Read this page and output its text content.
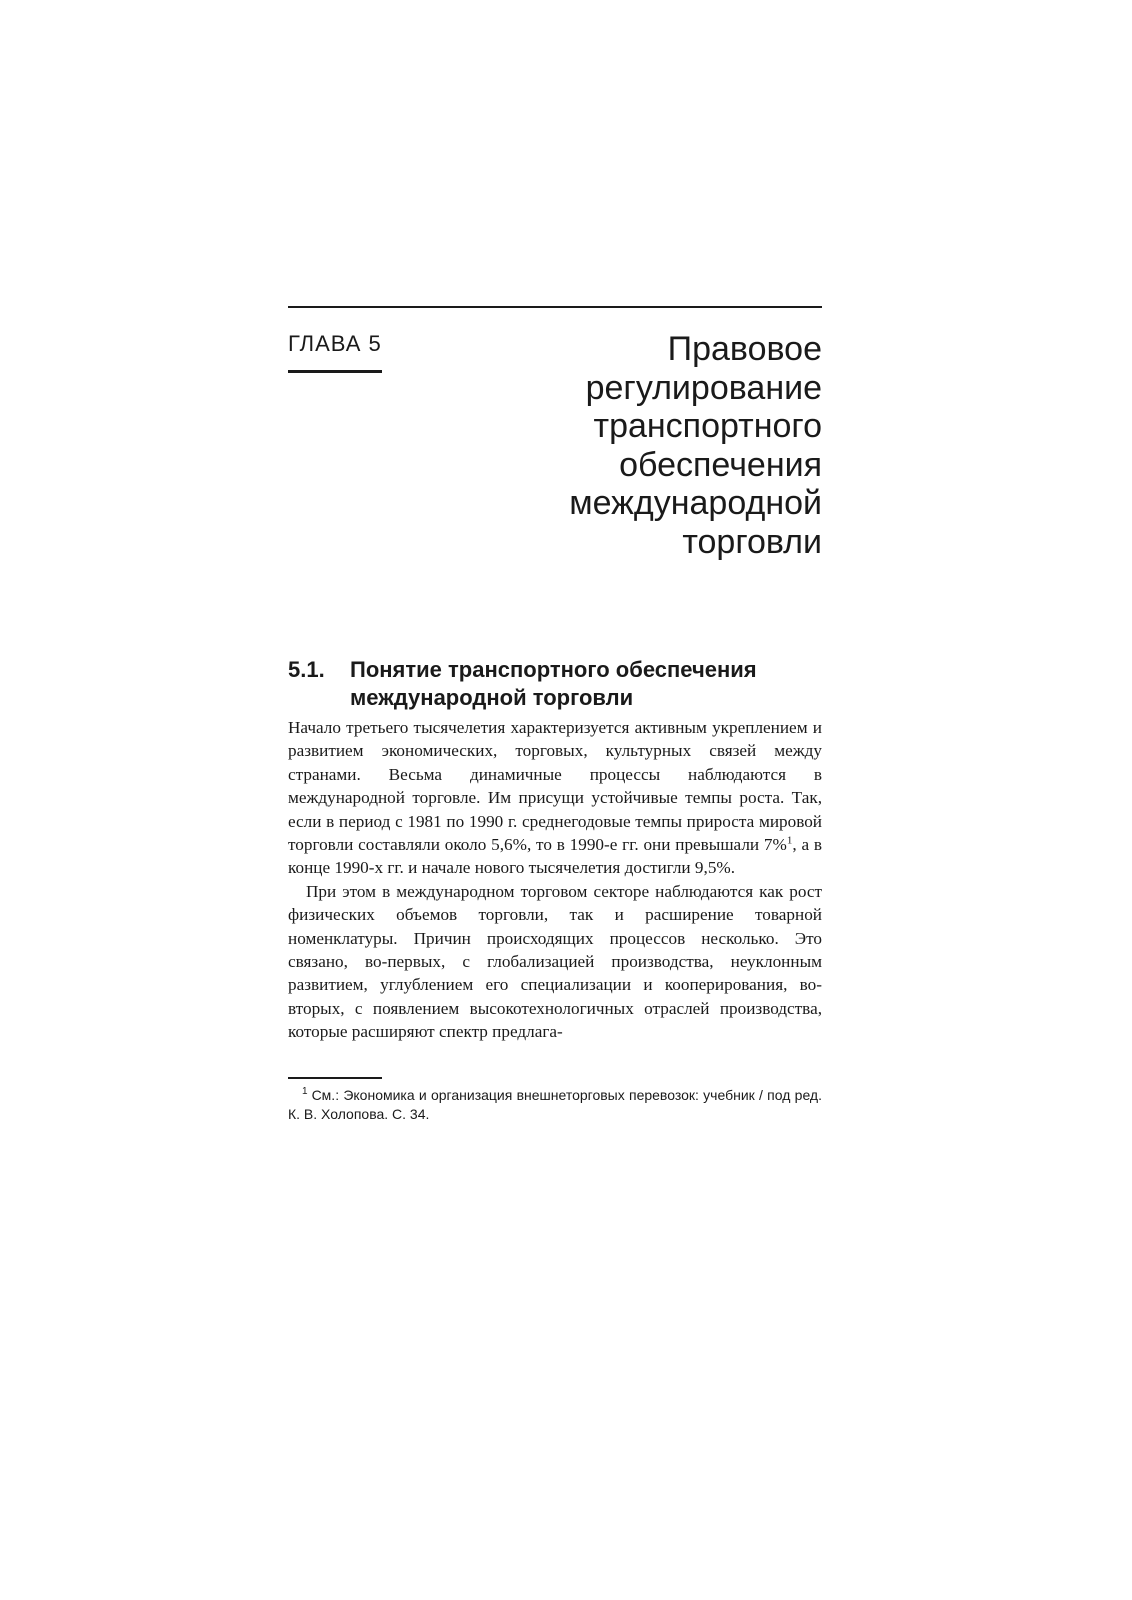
ГЛАВА 5	Правовое
регулирование
транспортного
обеспечения
международной
торговли
5.1. Понятие транспортного обеспечения
международной торговли

Начало третьего тысячелетия характеризуется активным укреплением и развитием экономических, торговых, культурных связей между странами. Весьма динамичные процессы наблюдаются в международной торговле. Им присущи устойчивые темпы роста. Так, если в период с 1981 по 1990 г. среднегодовые темпы прироста мировой торговли составляли около 5,6%, то в 1990-е гг. они превышали 7%$^1$, а в конце 1990-х гг. и начале нового тысячелетия достигли 9,5%.

При этом в международном торговом секторе наблюдаются как рост физических объемов торговли, так и расширение товарной номенклатуры. Причин происходящих процессов несколько. Это связано, во-первых, с глобализацией производства, неуклонным развитием, углублением его специализации и кооперирования, во-вторых, с появлением высокотехнологичных отраслей производства, которые расширяют спектр предлага-

$^1$ См.: Экономика и организация внешнеторговых перевозок: учебник / под ред. К. В. Холопова. С. 34.
